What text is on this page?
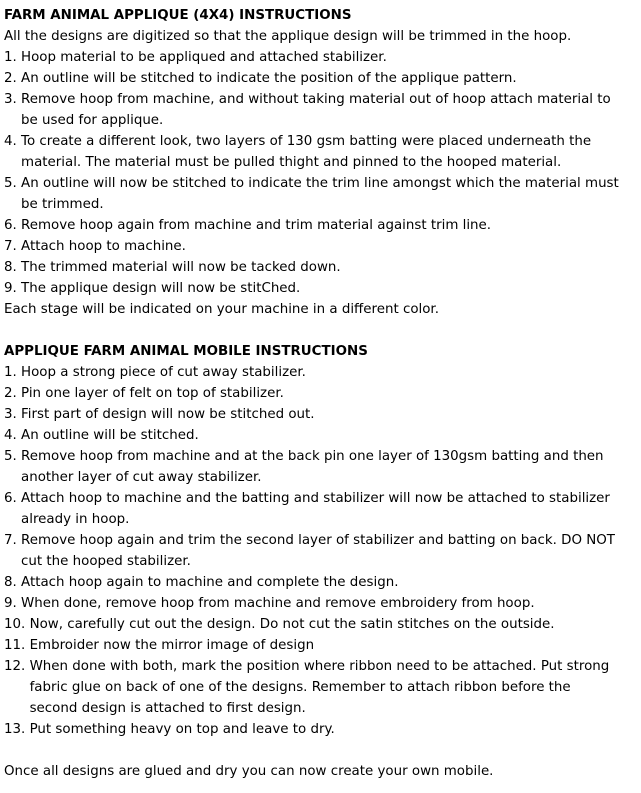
FARM ANIMAL APPLIQUE (4X4) INSTRUCTIONS

All the designs are digitized so that the applique design will be trimmed in the hoop.

1.
Hoop material to be appliqued and attached stabilizer.
2.
An outline will be stitched to indicate the position of the applique pattern.
3.
Remove hoop from machine, and without taking material out of hoop attach material to be used for applique.
4.
To create a different look, two layers of 130 gsm batting were placed underneath the material. The material must be pulled thight and pinned to the hooped material.
5.
An outline will now be stitched to indicate the trim line amongst which the material must be trimmed.
6.
Remove hoop again from machine and trim material against trim line.
7.
Attach hoop to machine.
8.
The trimmed material will now be tacked down.
9.
The applique design will now be stitChed.

Each stage will be indicated on your machine in a different color.

APPLIQUE FARM ANIMAL MOBILE INSTRUCTIONS
1.
Hoop a strong piece of cut away stabilizer.
2.
Pin one layer of felt on top of stabilizer.
3.
First part of design will now be stitched out.
4.
An outline will be stitched.
5.
Remove hoop from machine and at the back pin one layer of 130gsm batting and then another layer of cut away stabilizer.
6.
Attach hoop to machine and the batting and stabilizer will now be attached to stabilizer already in hoop.
7.
Remove hoop again and trim the second layer of stabilizer and batting on back. DO NOT cut the hooped stabilizer.
8.
Attach hoop again to machine and complete the design.
9.
When done, remove hoop from machine and remove embroidery from hoop.
10.
Now, carefully cut out the design. Do not cut the satin stitches on the outside.
11.
Embroider now the mirror image of design
12.
When done with both, mark the position where ribbon need to be attached. Put strong fabric glue on back of one of the designs. Remember to attach ribbon before the second design is attached to first design.
13.
Put something heavy on top and leave to dry.

Once all designs are glued and dry you can now create your own mobile.
